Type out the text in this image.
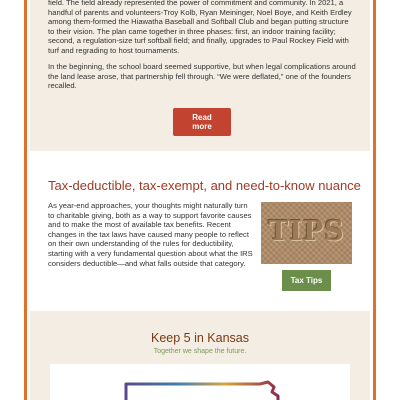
field. The field already represented the power of commitment and community. In 2021, a handful of parents and volunteers-Troy Kolb, Ryan Meininger, Noel Boye, and Keith Erdley among them-formed the Hiawatha Baseball and Softball Club and began putting structure to their vision. The plan came together in three phases: first, an indoor training facility; second, a regulation-size turf softball field; and finally, upgrades to Paul Rockey Field with turf and regrading to host tournaments.

In the beginning, the school board seemed supportive, but when legal complications around the land lease arose, that partnership fell through. “We were deflated,” one of the founders recalled.

Read more
Tax-deductible, tax-exempt, and need-to-know nuance

As year-end approaches, your thoughts might naturally turn to charitable giving, both as a way to support favorite causes and to make the most of available tax benefits. Recent changes in the tax laws have caused many people to reflect on their own understanding of the rules for deductibility, starting with a very fundamental question about what the IRS considers deductible—and what falls outside that category.

TIPS
Tax Tips
Keep 5 in Kansas
Together we shape the future.
